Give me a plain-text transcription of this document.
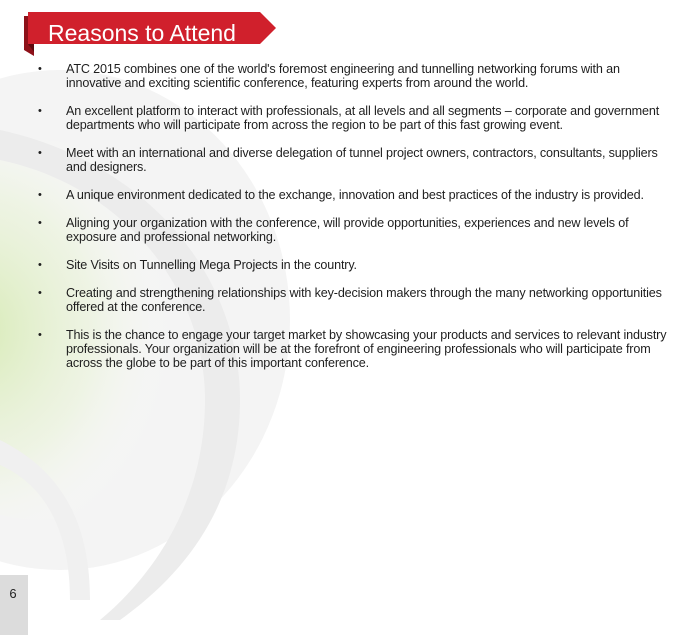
Reasons to Attend
• ATC 2015 combines one of the world's foremost engineering and tunnelling networking forums with an innovative and exciting scientific conference, featuring experts from around the world.
• An excellent platform to interact with professionals, at all levels and all segments – corporate and government departments who will participate from across the region to be part of this fast growing event.
• Meet with an international and diverse delegation of tunnel project owners, contractors, consultants, suppliers and designers.
• A unique environment dedicated to the exchange, innovation and best practices of the industry is provided.
• Aligning your organization with the conference, will provide opportunities, experiences and new levels of exposure and professional networking.
• Site Visits on Tunnelling Mega Projects in the country.
• Creating and strengthening relationships with key-decision makers through the many networking opportunities offered at the conference.
• This is the chance to engage your target market by showcasing your products and services to relevant industry professionals. Your organization will be at the forefront of engineering professionals who will participate from across the globe to be part of this important conference.
6
